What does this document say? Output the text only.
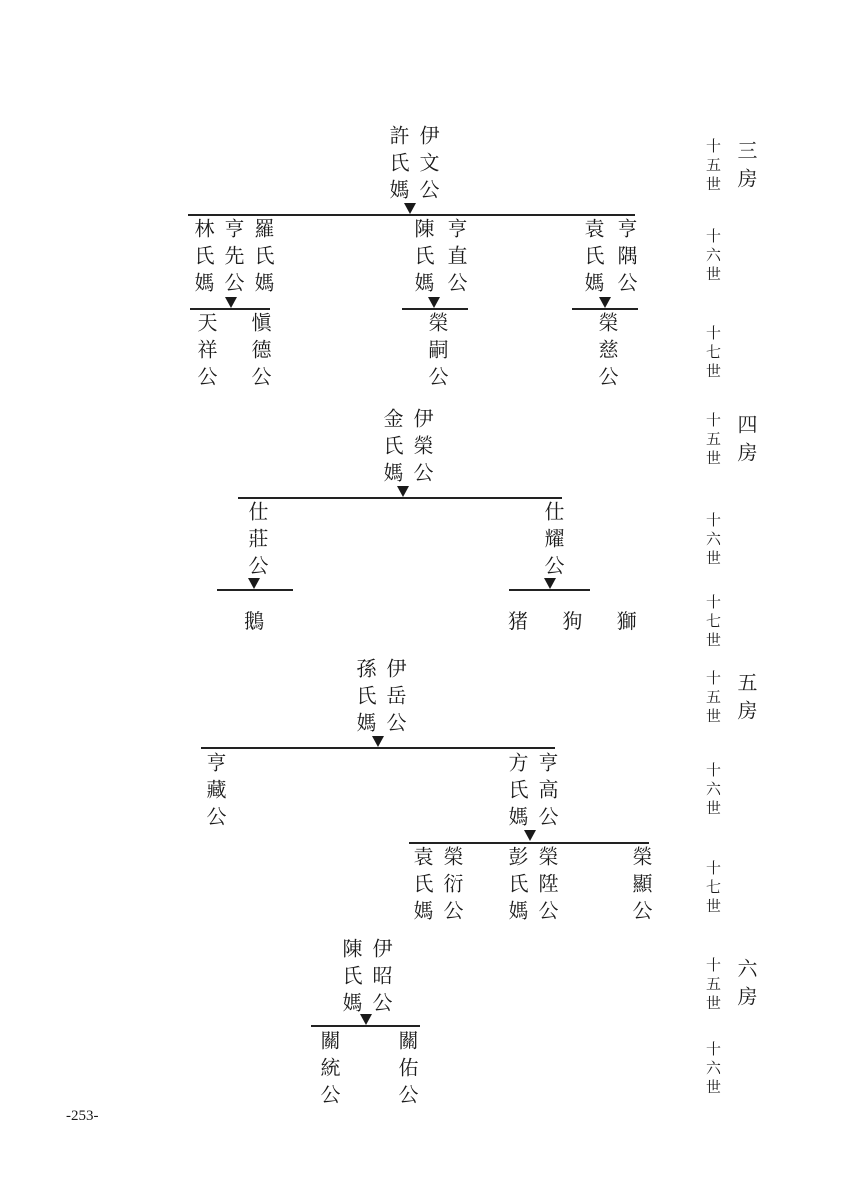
十五世 三房
十六世
十七世
十五世 四房
十六世
十七世
十五世 五房
十六世
十七世
十五世 六房
十六世
伊文公
許氏媽
羅氏媽
亨先公
林氏媽	亨直公
陳氏媽	亨隅公
袁氏媽
愼德公
天祥公	榮嗣公	榮慈公
伊榮公
金氏媽
仕莊公	仕耀公
鵝	猪 狗 獅
伊岳公
孫氏媽
亨藏公	亨高公
方氏媽
榮衍公
袁氏媽	榮陞公
彭氏媽	榮顯公
伊昭公
陳氏媽
關統公	關佑公
-253-
